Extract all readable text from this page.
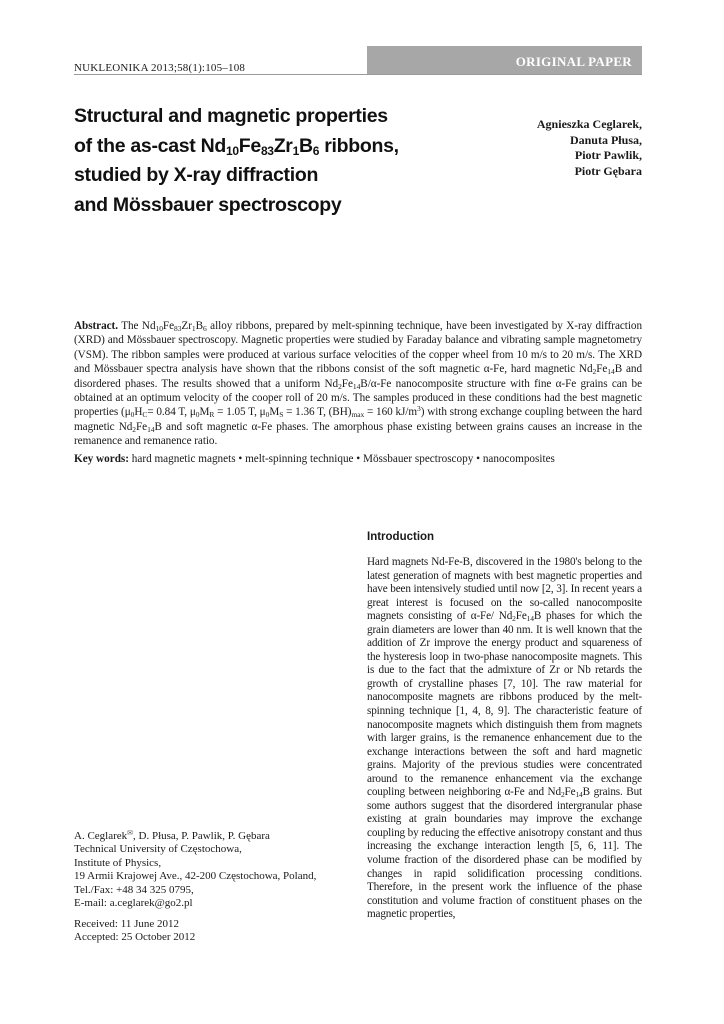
NUKLEONIKA 2013;58(1):105–108	ORIGINAL PAPER
Structural and magnetic properties
of the as-cast $Nd_{10}Fe_{83}Zr_1B_6$ ribbons,
studied by X-ray diffraction
and Mössbauer spectroscopy
Agnieszka Ceglarek,
Danuta Płusa,
Piotr Pawlik,
Piotr Gębara
Abstract. The $Nd_{10}Fe_{83}Zr_1B_6$ alloy ribbons, prepared by melt-spinning technique, have been investigated by X-ray diffraction (XRD) and Mössbauer spectroscopy. Magnetic properties were studied by Faraday balance and vibrating sample magnetometry (VSM). The ribbon samples were produced at various surface velocities of the copper wheel from 10 m/s to 20 m/s. The XRD and Mössbauer spectra analysis have shown that the ribbons consist of the soft magnetic α-Fe, hard magnetic $Nd_2Fe_{14}B$ and disordered phases. The results showed that a uniform $Nd_2Fe_{14}B/\alpha-Fe$ nanocomposite structure with fine α-Fe grains can be obtained at an optimum velocity of the cooper roll of 20 m/s. The samples produced in these conditions had the best magnetic properties ($\mu_0H_C= 0.84$ T, $\mu_0M_R = 1.05$ T, $\mu_0M_S = 1.36$ T, $(BH)_{max} = 160$ $kJ/m^3$) with strong exchange coupling between the hard magnetic $Nd_2Fe_{14}B$ and soft magnetic α-Fe phases. The amorphous phase existing between grains causes an increase in the remanence and remanence ratio.
Key words: hard magnetic magnets • melt-spinning technique • Mössbauer spectroscopy • nanocomposites
Introduction

Hard magnets Nd-Fe-B, discovered in the 1980's belong to the latest generation of magnets with best magnetic properties and have been intensively studied until now [2, 3]. In recent years a great interest is focused on the so-called nanocomposite magnets consisting of α-Fe/ $Nd_2Fe_{14}B$ phases for which the grain diameters are lower than 40 nm. It is well known that the addition of Zr improve the energy product and squareness of the hysteresis loop in two-phase nanocomposite magnets. This is due to the fact that the admixture of Zr or Nb retards the growth of crystalline phases [7, 10]. The raw material for nanocomposite magnets are ribbons produced by the melt-spinning technique [1, 4, 8, 9]. The characteristic feature of nanocomposite magnets which distinguish them from magnets with larger grains, is the remanence enhancement due to the exchange interactions between the soft and hard magnetic grains. Majority of the previous studies were concentrated around to the remanence enhancement via the exchange coupling between neighboring α-Fe and $Nd_2Fe_{14}B$ grains. But some authors suggest that the disordered intergranular phase existing at grain boundaries may improve the exchange coupling by reducing the effective anisotropy constant and thus increasing the exchange interaction length [5, 6, 11]. The volume fraction of the disordered phase can be modified by changes in rapid solidification processing conditions. Therefore, in the present work the influence of the phase constitution and volume fraction of constituent phases on the magnetic properties,

A. Ceglarek✉, D. Płusa, P. Pawlik, P. Gębara
Technical University of Częstochowa,
Institute of Physics,
19 Armii Krajowej Ave., 42-200 Częstochowa, Poland,
Tel./Fax: +48 34 325 0795,
E-mail: a.ceglarek@go2.pl
Received: 11 June 2012
Accepted: 25 October 2012
